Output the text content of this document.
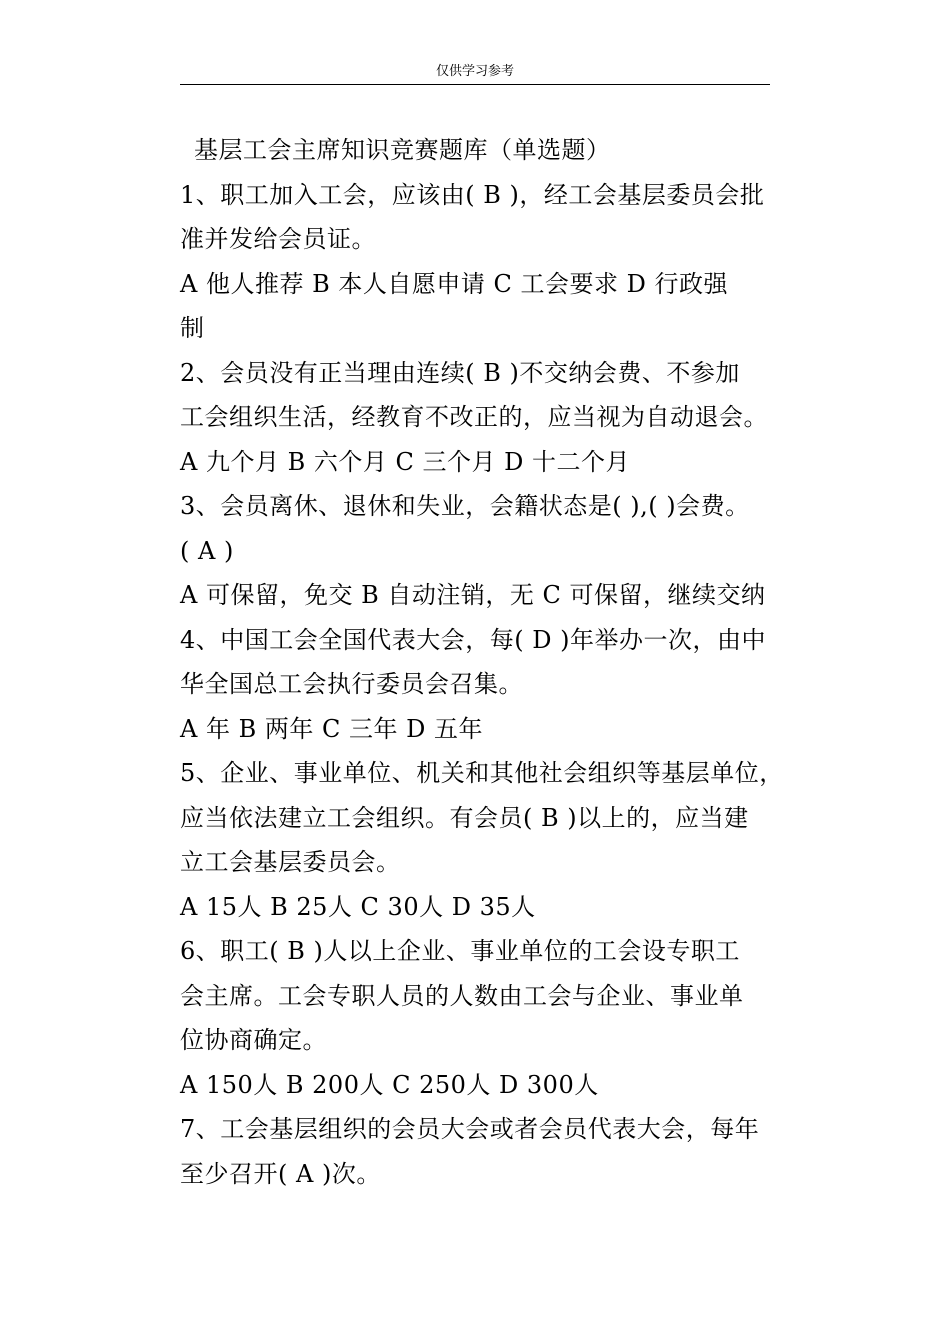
仅供学习参考
基层工会主席知识竞赛题库（单选题）
1、职工加入工会，应该由( B )，经工会基层委员会批
准并发给会员证。
A 他人推荐 B 本人自愿申请 C 工会要求 D 行政强
制
2、会员没有正当理由连续( B )不交纳会费、不参加
工会组织生活，经教育不改正的，应当视为自动退会。
A 九个月 B 六个月 C 三个月 D 十二个月
3、会员离休、退休和失业，会籍状态是( ),( )会费。
( A )
A 可保留，免交 B 自动注销，无 C 可保留，继续交纳
4、中国工会全国代表大会，每( D )年举办一次，由中
华全国总工会执行委员会召集。
A 年 B 两年 C 三年 D 五年
5、企业、事业单位、机关和其他社会组织等基层单位，
应当依法建立工会组织。有会员( B )以上的，应当建
立工会基层委员会。
A 15人 B 25人 C 30人 D 35人
6、职工( B )人以上企业、事业单位的工会设专职工
会主席。工会专职人员的人数由工会与企业、事业单
位协商确定。
A 150人 B 200人 C 250人 D 300人
7、工会基层组织的会员大会或者会员代表大会，每年
至少召开( A )次。
